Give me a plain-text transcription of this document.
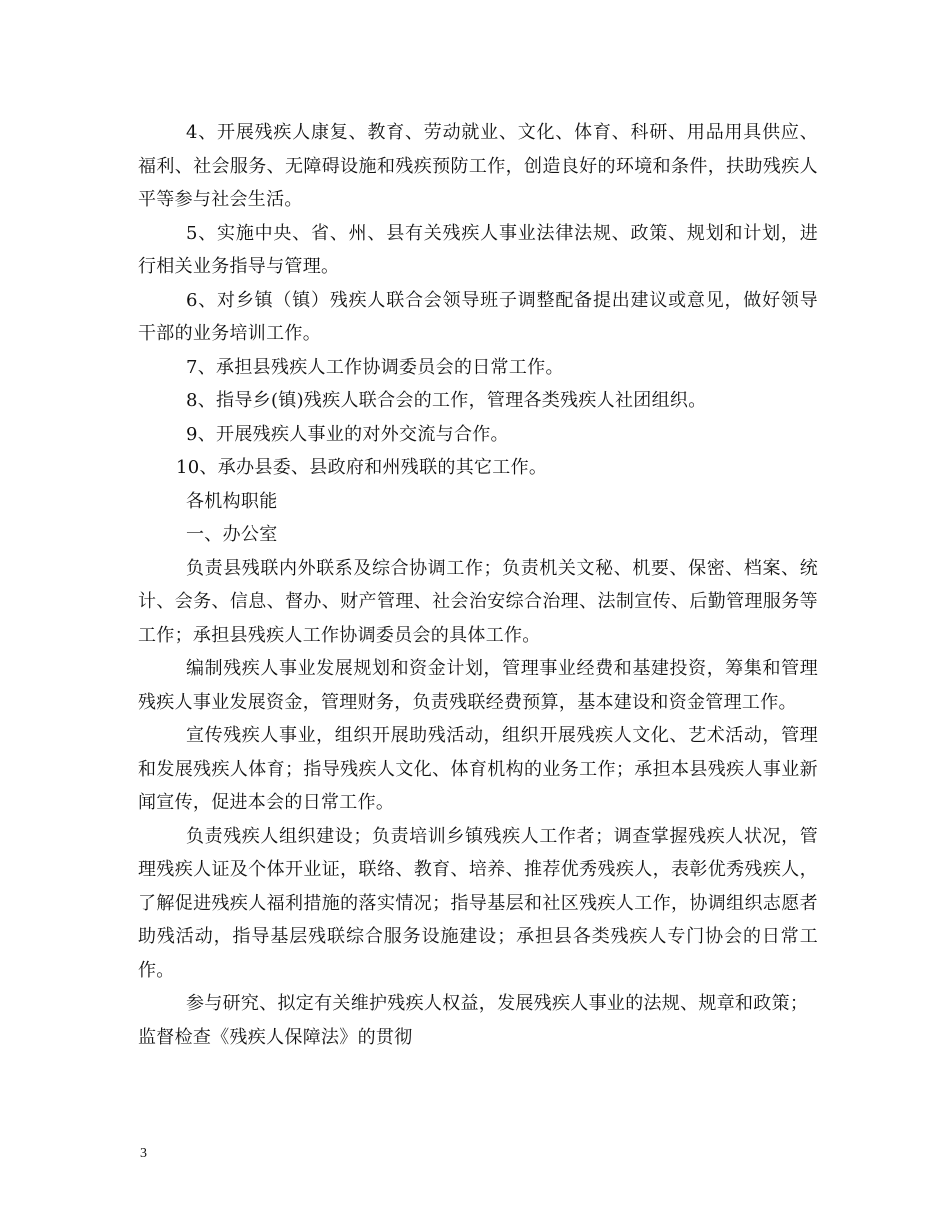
4、开展残疾人康复、教育、劳动就业、文化、体育、科研、用品用具供应、福利、社会服务、无障碍设施和残疾预防工作，创造良好的环境和条件，扶助残疾人平等参与社会生活。

5、实施中央、省、州、县有关残疾人事业法律法规、政策、规划和计划，进行相关业务指导与管理。

6、对乡镇（镇）残疾人联合会领导班子调整配备提出建议或意见，做好领导干部的业务培训工作。

7、承担县残疾人工作协调委员会的日常工作。

8、指导乡(镇)残疾人联合会的工作，管理各类残疾人社团组织。

9、开展残疾人事业的对外交流与合作。

10、承办县委、县政府和州残联的其它工作。

各机构职能

一、办公室

负责县残联内外联系及综合协调工作；负责机关文秘、机要、保密、档案、统计、会务、信息、督办、财产管理、社会治安综合治理、法制宣传、后勤管理服务等工作；承担县残疾人工作协调委员会的具体工作。

编制残疾人事业发展规划和资金计划，管理事业经费和基建投资，筹集和管理残疾人事业发展资金，管理财务，负责残联经费预算，基本建设和资金管理工作。

宣传残疾人事业，组织开展助残活动，组织开展残疾人文化、艺术活动，管理和发展残疾人体育；指导残疾人文化、体育机构的业务工作；承担本县残疾人事业新闻宣传，促进本会的日常工作。

负责残疾人组织建设；负责培训乡镇残疾人工作者；调查掌握残疾人状况，管理残疾人证及个体开业证，联络、教育、培养、推荐优秀残疾人，表彰优秀残疾人，了解促进残疾人福利措施的落实情况；指导基层和社区残疾人工作，协调组织志愿者助残活动，指导基层残联综合服务设施建设；承担县各类残疾人专门协会的日常工作。

参与研究、拟定有关维护残疾人权益，发展残疾人事业的法规、规章和政策；监督检查《残疾人保障法》的贯彻

3
